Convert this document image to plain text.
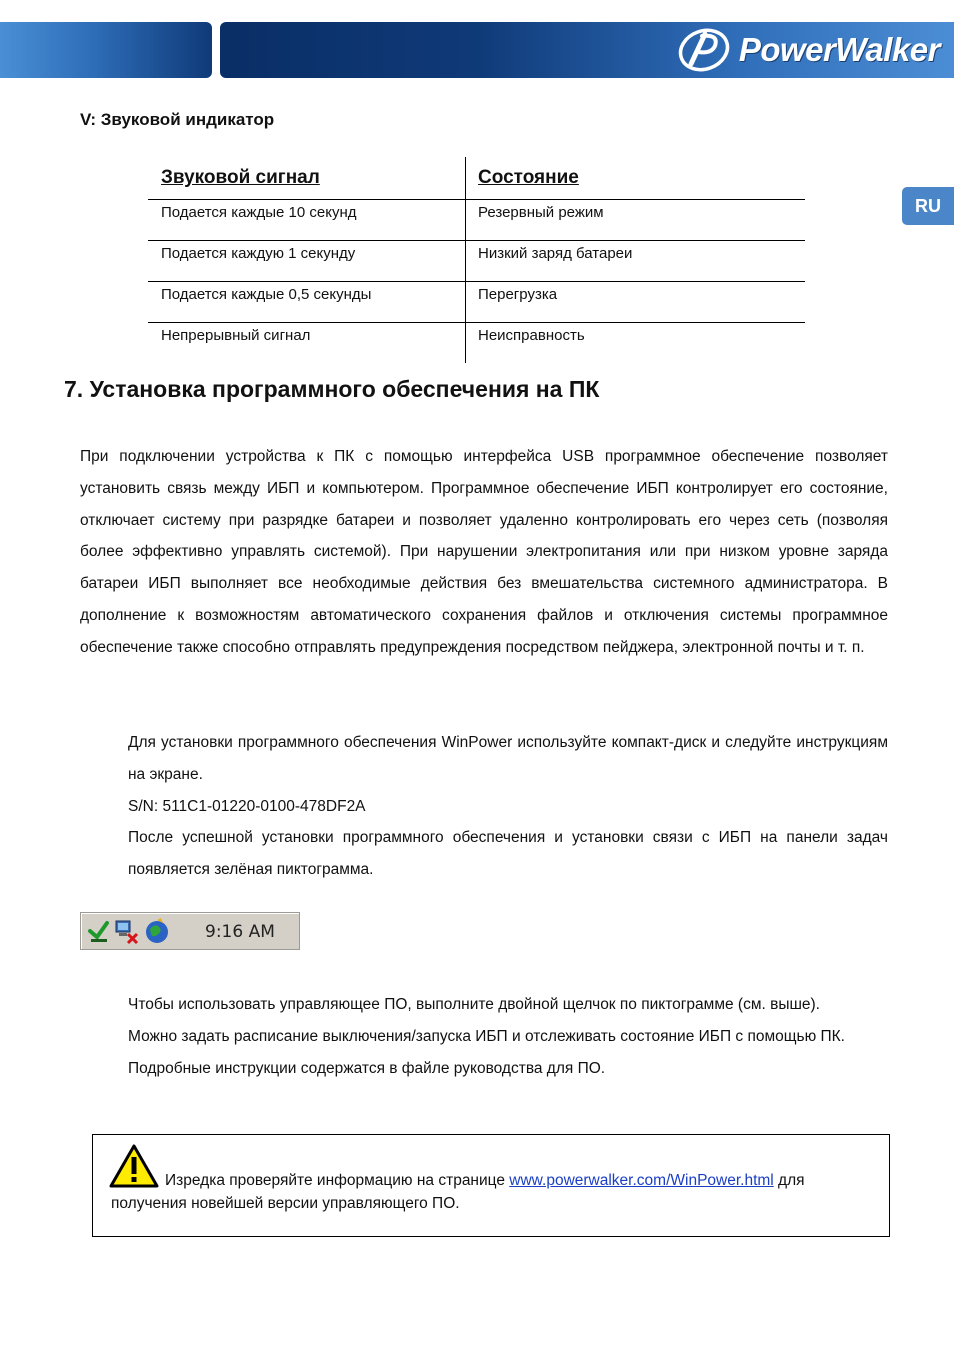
PowerWalker
RU
V: Звуковой индикатор
Звуковой сигнал	Состояние
Подается каждые 10 секунд	Резервный режим
Подается каждую 1 секунду	Низкий заряд батареи
Подается каждые 0,5 секунды	Перегрузка
Непрерывный сигнал	Неисправность
7. Установка программного обеспечения на ПК
При подключении устройства к ПК с помощью интерфейса USB программное обеспечение позволяет установить связь между ИБП и компьютером. Программное обеспечение ИБП контролирует его состояние, отключает систему при разрядке батареи и позволяет удаленно контролировать его через сеть (позволяя более эффективно управлять системой). При нарушении электропитания или при низком уровне заряда батареи ИБП выполняет все необходимые действия без вмешательства системного администратора. В дополнение к возможностям автоматического сохранения файлов и отключения системы программное обеспечение также способно отправлять предупреждения посредством пейджера, электронной почты и т. п.

Для установки программного обеспечения WinPower используйте компакт-диск и следуйте инструкциям на экране.

S/N: 511C1-01220-0100-478DF2A

После успешной установки программного обеспечения и установки связи с ИБП на панели задач появляется зелёная пиктограмма.

9:16 AM

Чтобы использовать управляющее ПО, выполните двойной щелчок по пиктограмме (см. выше).

Можно задать расписание выключения/запуска ИБП и отслеживать состояние ИБП с помощью ПК.

Подробные инструкции содержатся в файле руководства для ПО.

Изредка проверяйте информацию на странице www.powerwalker.com/WinPower.html для
получения новейшей версии управляющего ПО.
